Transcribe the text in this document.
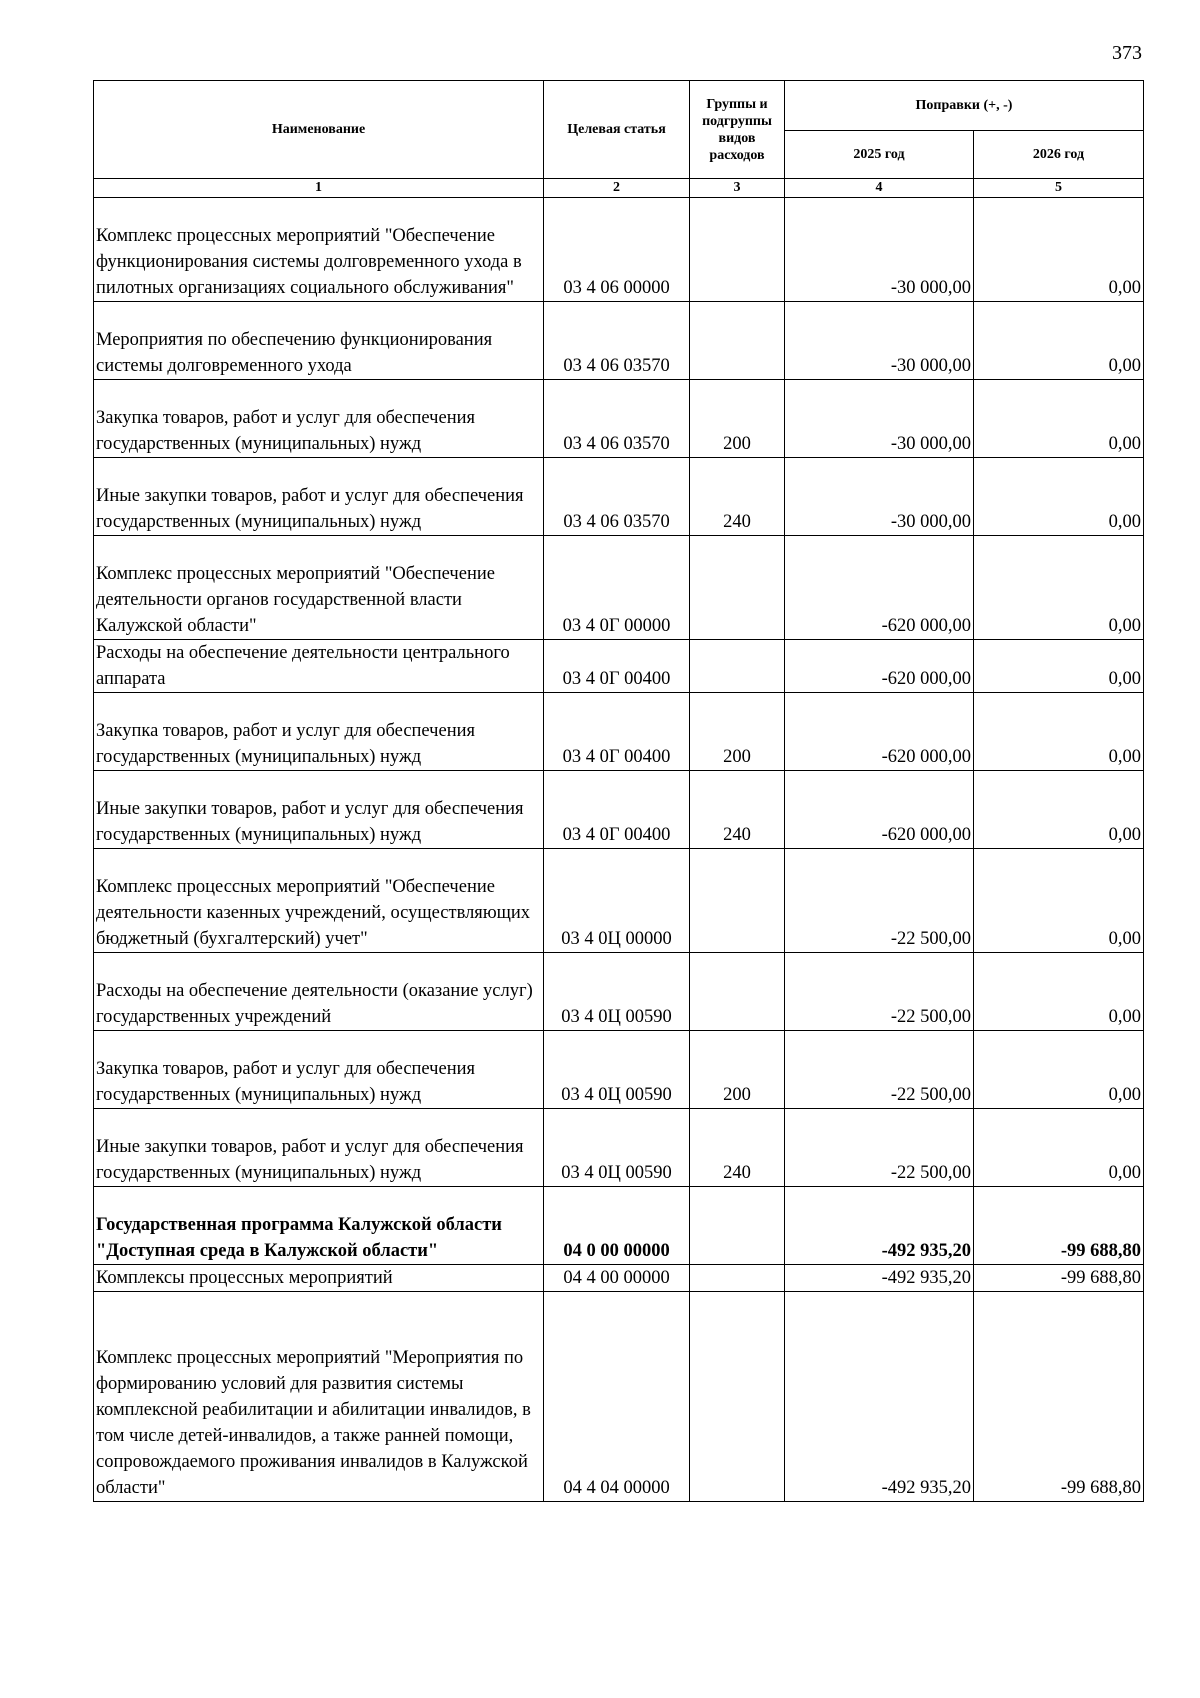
373
Наименование	Целевая статья	Группы и подгруппы видов расходов	Поправки (+, -)	
			2025 год	2026 год
1	2	3	4	5
Комплекс процессных мероприятий "Обеспечение функционирования системы долговременного ухода в пилотных организациях социального обслуживания"	03 4 06 00000		-30 000,00	0,00
Мероприятия по обеспечению функционирования системы долговременного ухода	03 4 06 03570		-30 000,00	0,00
Закупка товаров, работ и услуг для обеспечения государственных (муниципальных) нужд	03 4 06 03570	200	-30 000,00	0,00
Иные закупки товаров, работ и услуг для обеспечения государственных (муниципальных) нужд	03 4 06 03570	240	-30 000,00	0,00
Комплекс процессных мероприятий "Обеспечение деятельности органов государственной власти Калужской области"	03 4 0Г 00000		-620 000,00	0,00
Расходы на обеспечение деятельности центрального аппарата	03 4 0Г 00400		-620 000,00	0,00
Закупка товаров, работ и услуг для обеспечения государственных (муниципальных) нужд	03 4 0Г 00400	200	-620 000,00	0,00
Иные закупки товаров, работ и услуг для обеспечения государственных (муниципальных) нужд	03 4 0Г 00400	240	-620 000,00	0,00
Комплекс процессных мероприятий "Обеспечение деятельности казенных учреждений, осуществляющих бюджетный (бухгалтерский) учет"	03 4 0Ц 00000		-22 500,00	0,00
Расходы на обеспечение деятельности (оказание услуг) государственных учреждений	03 4 0Ц 00590		-22 500,00	0,00
Закупка товаров, работ и услуг для обеспечения государственных (муниципальных) нужд	03 4 0Ц 00590	200	-22 500,00	0,00
Иные закупки товаров, работ и услуг для обеспечения государственных (муниципальных) нужд	03 4 0Ц 00590	240	-22 500,00	0,00
Государственная программа Калужской области "Доступная среда в Калужской области"	04 0 00 00000		-492 935,20	-99 688,80
Комплексы процессных мероприятий	04 4 00 00000		-492 935,20	-99 688,80
Комплекс процессных мероприятий "Мероприятия по формированию условий для развития системы комплексной реабилитации и абилитации инвалидов, в том числе детей-инвалидов, а также ранней помощи, сопровождаемого проживания инвалидов в Калужской области"	04 4 04 00000		-492 935,20	-99 688,80
